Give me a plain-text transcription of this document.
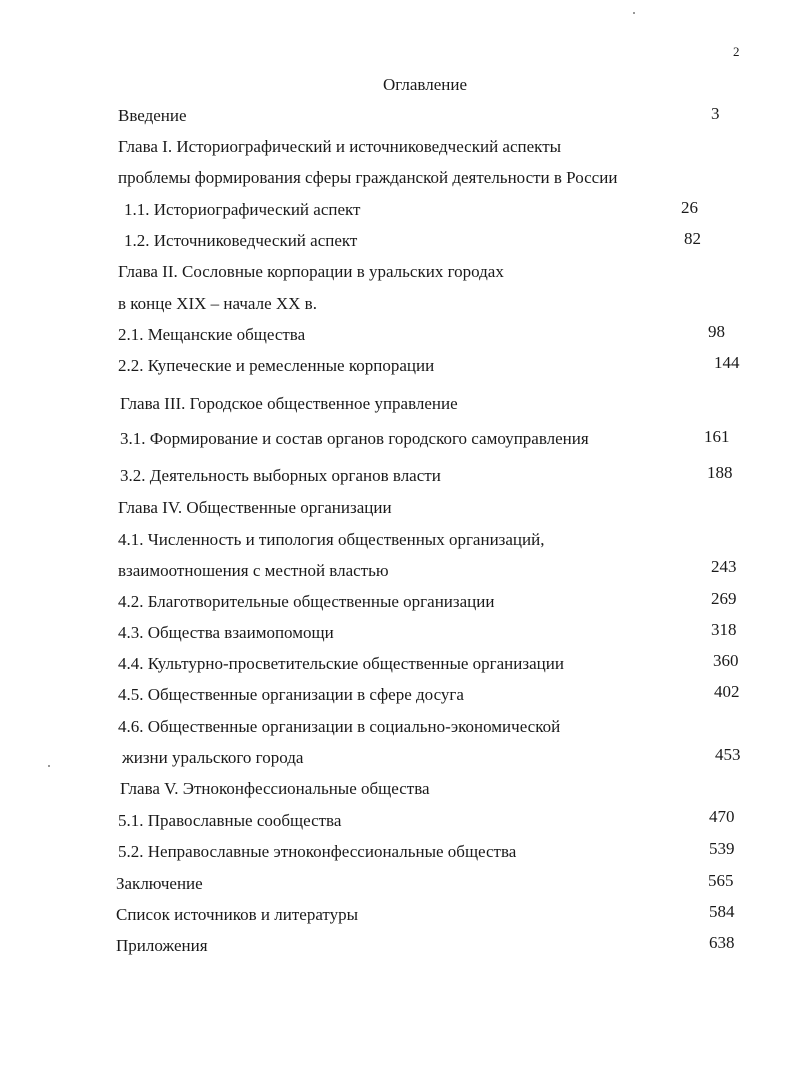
2
Оглавление
Введение	3
Глава I. Историографический и источниковедческий аспекты
проблемы формирования сферы гражданской деятельности в России
1.1. Историографический аспект	26
1.2. Источниковедческий аспект	82
Глава II. Сословные корпорации в уральских городах
в конце XIX – начале XX в.
2.1. Мещанские общества	98
2.2. Купеческие и ремесленные корпорации	144
Глава III. Городское общественное управление
3.1. Формирование и состав органов городского самоуправления	161
3.2. Деятельность выборных органов власти	188
Глава IV. Общественные организации
4.1. Численность и типология общественных организаций,
взаимоотношения с местной властью	243
4.2. Благотворительные общественные организации	269
4.3. Общества взаимопомощи	318
4.4. Культурно-просветительские общественные организации	360
4.5. Общественные организации в сфере досуга	402
4.6. Общественные организации в социально-экономической
жизни уральского города	453
Глава V. Этноконфессиональные общества
5.1. Православные сообщества	470
5.2. Неправославные этноконфессиональные общества	539
Заключение	565
Список источников и литературы	584
Приложения	638
